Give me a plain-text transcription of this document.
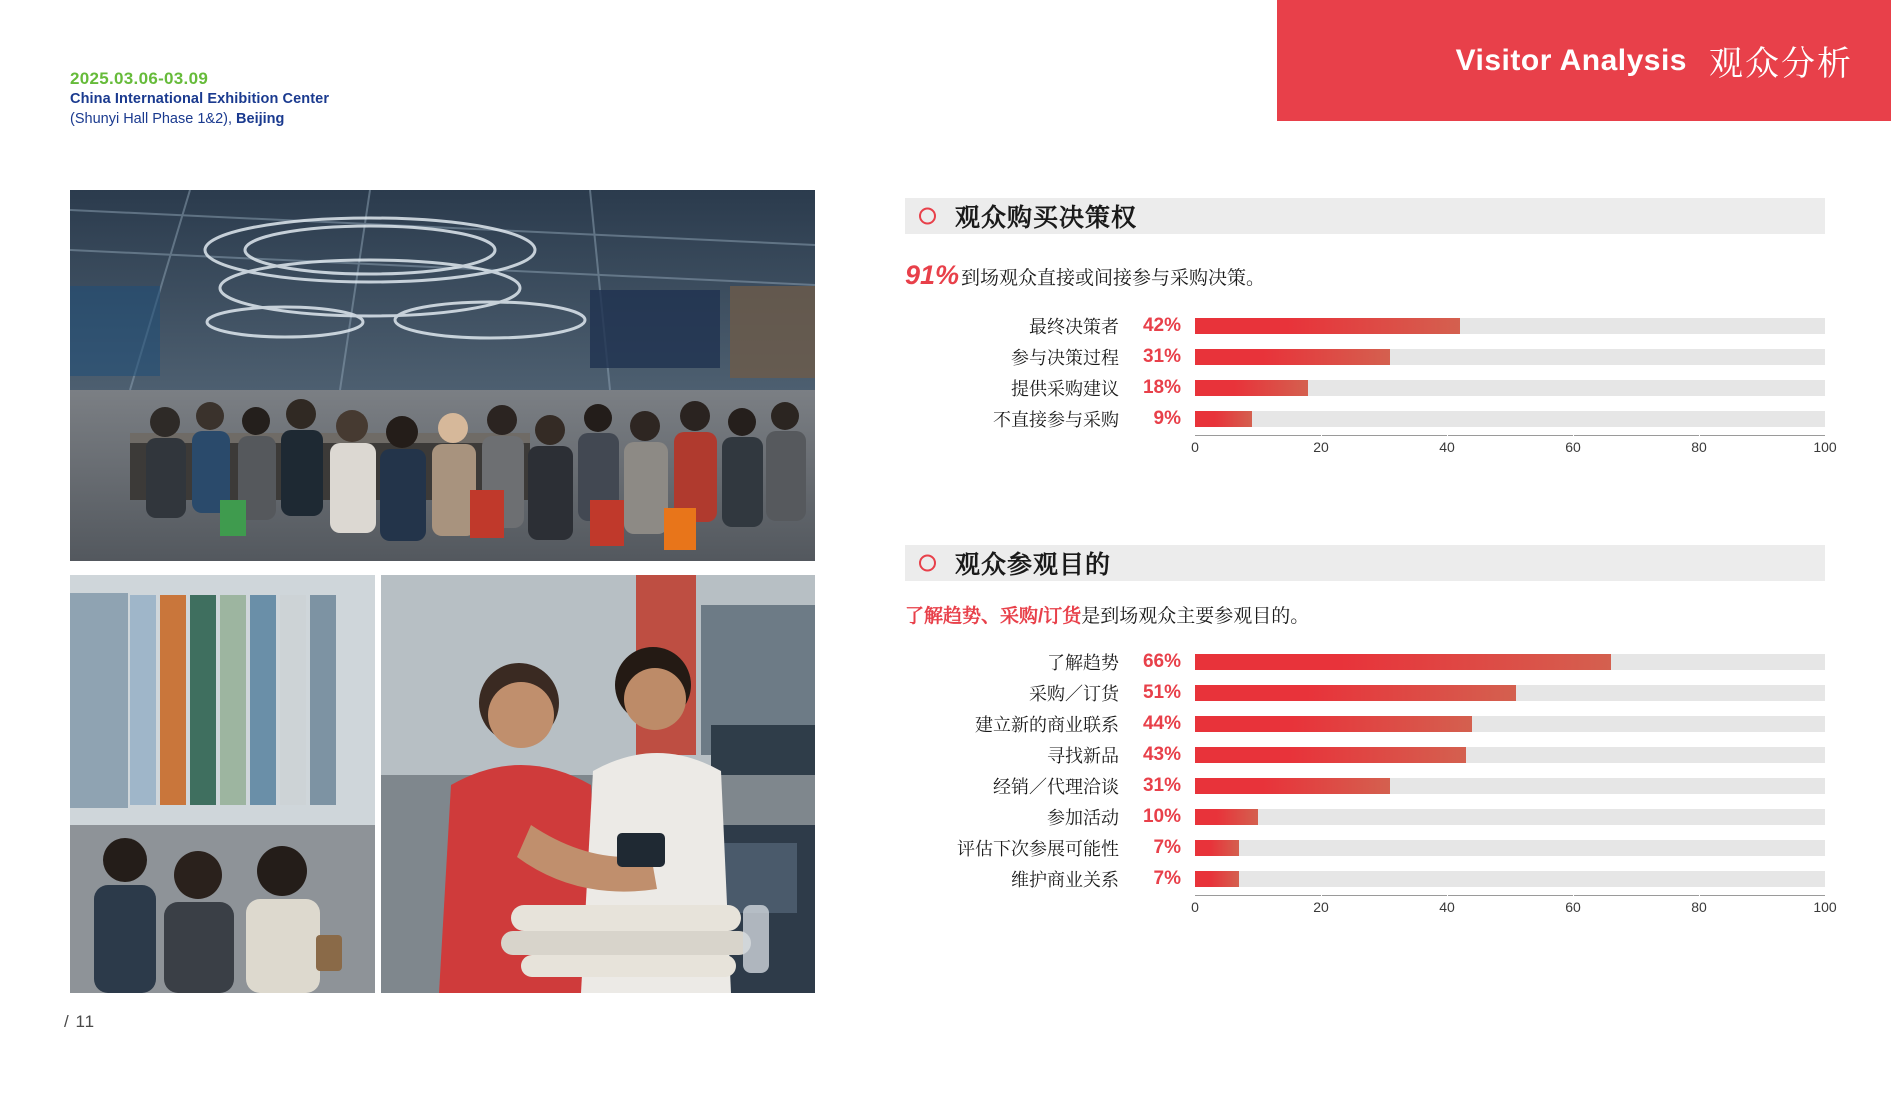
Visitor Analysis 观众分析
2025.03.06-03.09
China International Exhibition Center
(Shunyi Hall Phase 1&2), Beijing
/ 11
观众购买决策权
91% 到场观众直接或间接参与采购决策。
最终决策者	42%
参与决策过程	31%
提供采购建议	18%
不直接参与采购	9%
0	20	40	60	80	100
观众参观目的
了解趋势、采购/订货是到场观众主要参观目的。
了解趋势	66%
采购／订货	51%
建立新的商业联系	44%
寻找新品	43%
经销／代理洽谈	31%
参加活动	10%
评估下次参展可能性	7%
维护商业关系	7%
0	20	40	60	80	100
